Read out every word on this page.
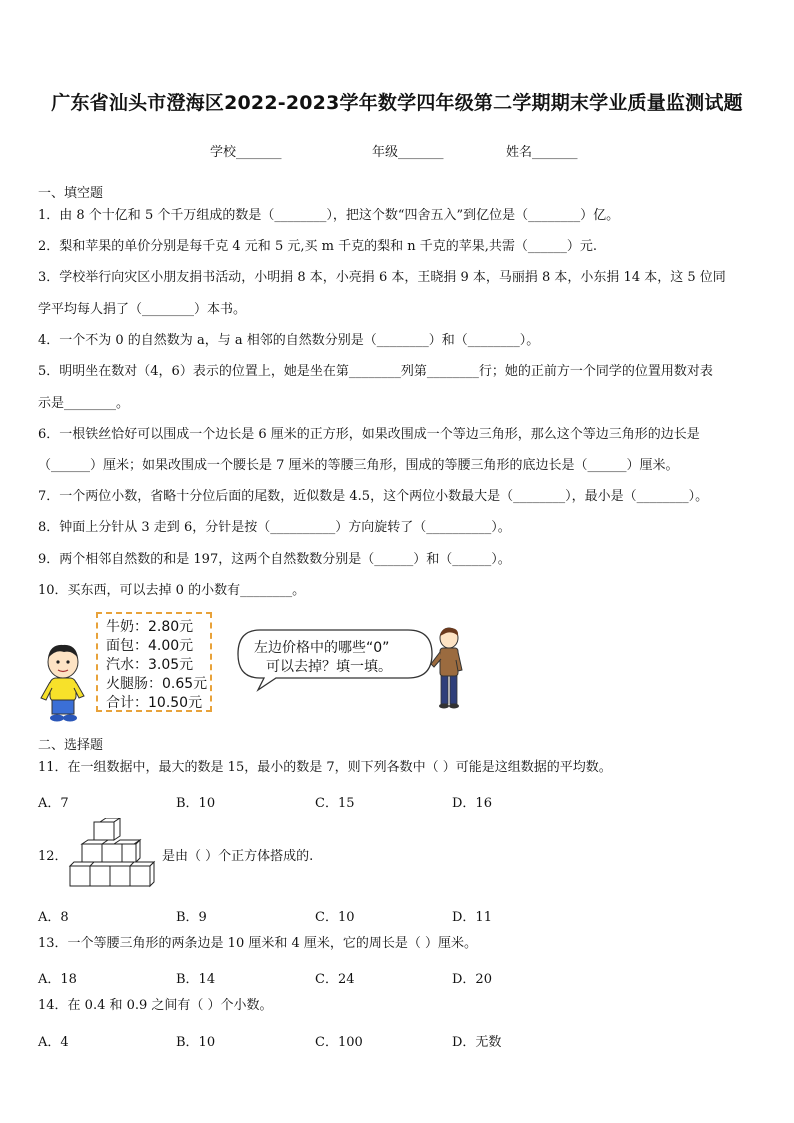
广东省汕头市澄海区2022-2023学年数学四年级第二学期期末学业质量监测试题
学校_______	年级_______	姓名_______
一、填空题
1．由 8 个十亿和 5 个千万组成的数是（________），把这个数“四舍五入”到亿位是（________）亿。
2．梨和苹果的单价分别是每千克 4 元和 5 元,买 m 千克的梨和 n 千克的苹果,共需（______）元.
3．学校举行向灾区小朋友捐书活动，小明捐 8 本，小亮捐 6 本，王晓捐 9 本，马丽捐 8 本，小东捐 14 本，这 5 位同
学平均每人捐了（________）本书。
4．一个不为 0 的自然数为 a，与 a 相邻的自然数分别是（________）和（________）。
5．明明坐在数对（4，6）表示的位置上，她是坐在第________列第________行；她的正前方一个同学的位置用数对表
示是________。
6．一根铁丝恰好可以围成一个边长是 6 厘米的正方形，如果改围成一个等边三角形，那么这个等边三角形的边长是
（______）厘米；如果改围成一个腰长是 7 厘米的等腰三角形，围成的等腰三角形的底边长是（______）厘米。
7．一个两位小数，省略十分位后面的尾数，近似数是 4.5，这个两位小数最大是（________），最小是（________）。
8．钟面上分针从 3 走到 6，分针是按（__________）方向旋转了（__________）。
9．两个相邻自然数的和是 197，这两个自然数数分别是（______）和（______）。
10．买东西，可以去掉 0 的小数有________。
牛奶：2.80元
面包：4.00元
汽水：3.05元
火腿肠：0.65元
合计：10.50元
左边价格中的哪些“0”
可以去掉？填一填。
二、选择题
11．在一组数据中，最大的数是 15，最小的数是 7，则下列各数中（ ）可能是这组数据的平均数。
A．7	B．10	C．15	D．16
12．	是由（ ）个正方体搭成的.
A．8	B．9	C．10	D．11
13．一个等腰三角形的两条边是 10 厘米和 4 厘米，它的周长是（ ）厘米。
A．18	B．14	C．24	D．20
14．在 0.4 和 0.9 之间有（ ）个小数。
A．4	B．10	C．100	D．无数
